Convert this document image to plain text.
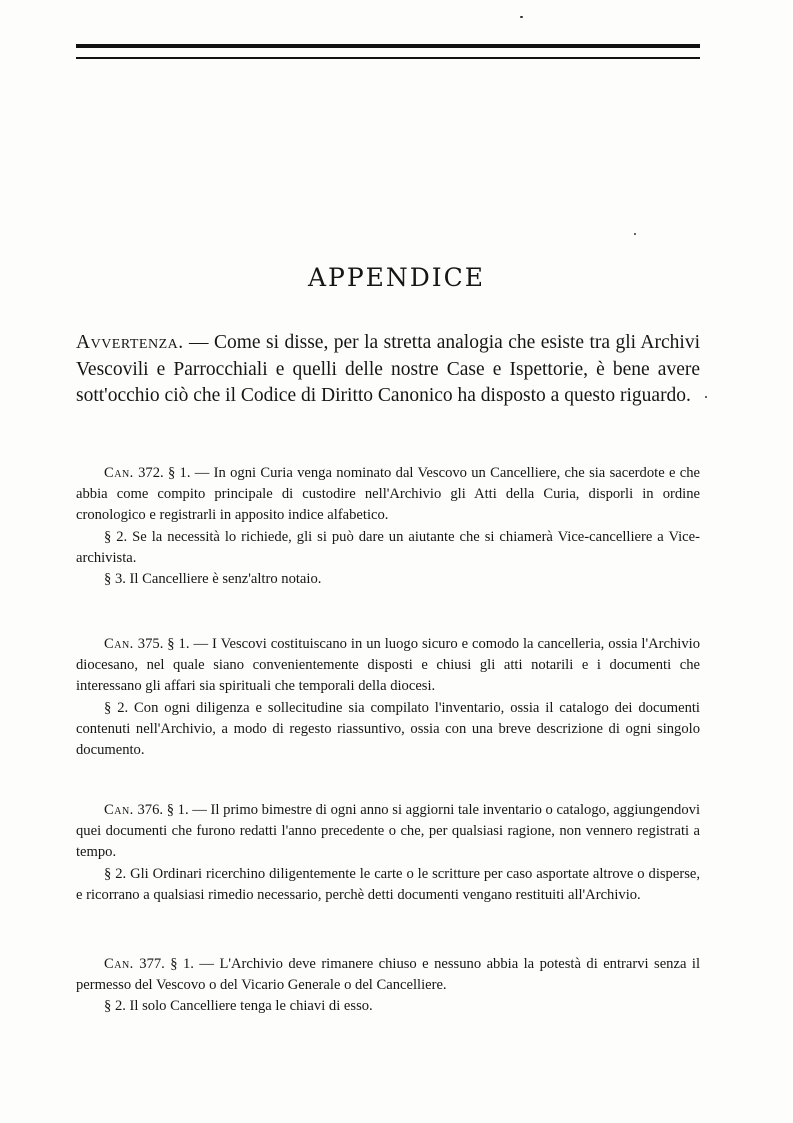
APPENDICE
Avvertenza. — Come si disse, per la stretta analogia che esiste tra gli Archivi Vescovili e Parrocchiali e quelli delle nostre Case e Ispettorie, è bene avere sott'occhio ciò che il Codice di Diritto Canonico ha disposto a questo riguardo.

Can. 372. § 1. — In ogni Curia venga nominato dal Vescovo un Cancelliere, che sia sacerdote e che abbia come compito principale di custodire nell'Archivio gli Atti della Curia, disporli in ordine cronologico e registrarli in apposito indice alfabetico.

§ 2. Se la necessità lo richiede, gli si può dare un aiutante che si chiamerà Vice-cancelliere a Vice-archivista.

§ 3. Il Cancelliere è senz'altro notaio.

Can. 375. § 1. — I Vescovi costituiscano in un luogo sicuro e comodo la cancelleria, ossia l'Archivio diocesano, nel quale siano convenientemente disposti e chiusi gli atti notarili e i documenti che interessano gli affari sia spirituali che temporali della diocesi.

§ 2. Con ogni diligenza e sollecitudine sia compilato l'inventario, ossia il catalogo dei documenti contenuti nell'Archivio, a modo di regesto riassuntivo, ossia con una breve descrizione di ogni singolo documento.

Can. 376. § 1. — Il primo bimestre di ogni anno si aggiorni tale inventario o catalogo, aggiungendovi quei documenti che furono redatti l'anno precedente o che, per qualsiasi ragione, non vennero registrati a tempo.

§ 2. Gli Ordinari ricerchino diligentemente le carte o le scritture per caso asportate altrove o disperse, e ricorrano a qualsiasi rimedio necessario, perchè detti documenti vengano restituiti all'Archivio.

Can. 377. § 1. — L'Archivio deve rimanere chiuso e nessuno abbia la potestà di entrarvi senza il permesso del Vescovo o del Vicario Generale o del Cancelliere.

§ 2. Il solo Cancelliere tenga le chiavi di esso.
